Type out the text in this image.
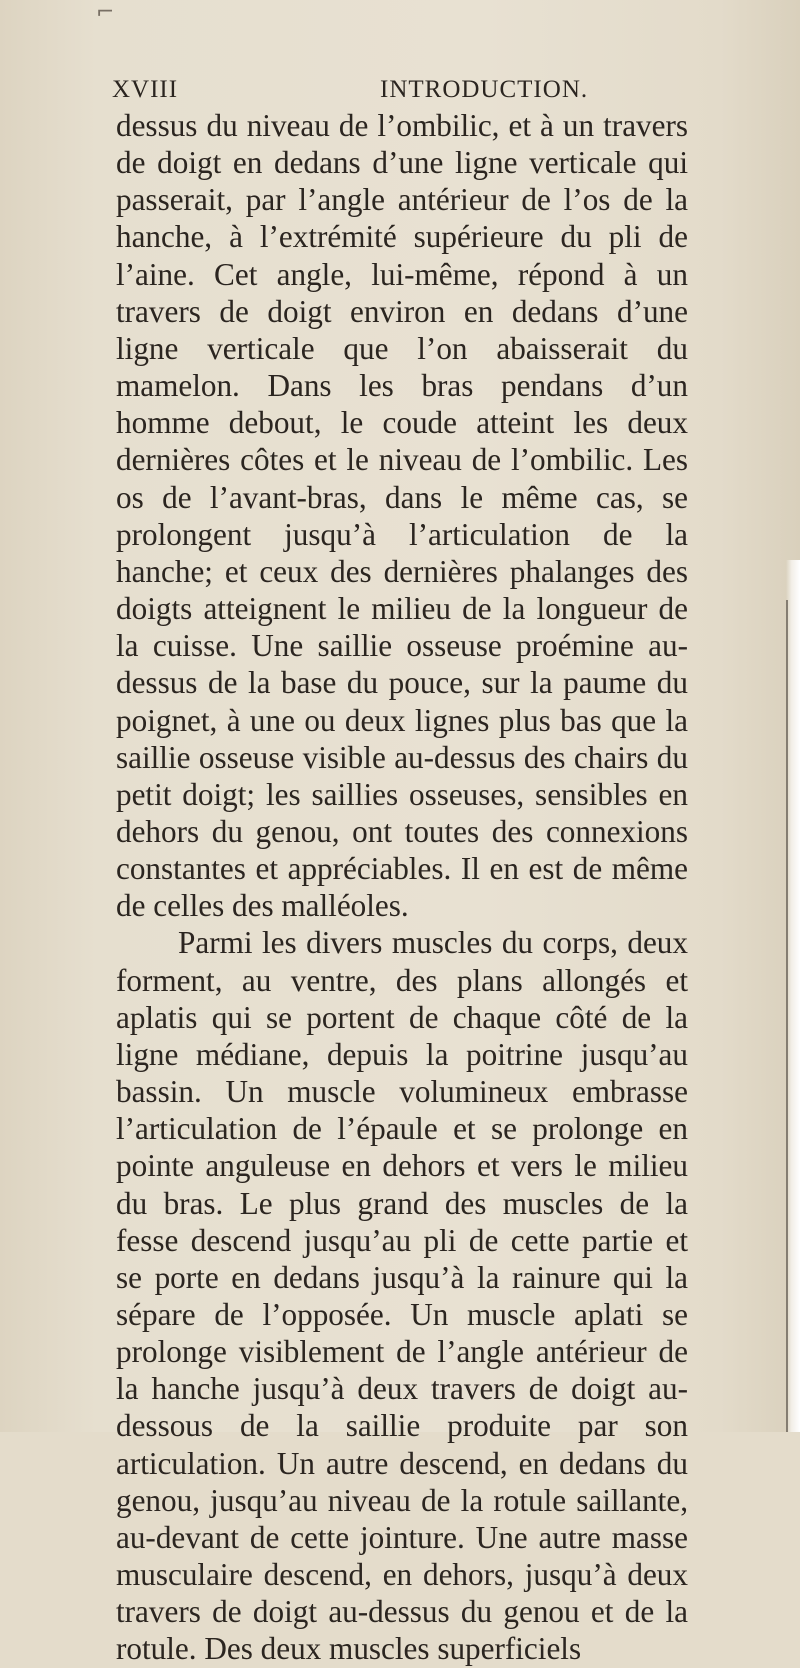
⌐
XVIII	INTRODUCTION.

dessus du niveau de l’ombilic, et à un travers de doigt en dedans d’une ligne verticale qui passerait, par l’angle antérieur de l’os de la hanche, à l’extrémité supérieure du pli de l’aine. Cet angle, lui-même, répond à un travers de doigt environ en dedans d’une ligne verticale que l’on abaisserait du mamelon. Dans les bras pendans d’un homme debout, le coude atteint les deux dernières côtes et le niveau de l’ombilic. Les os de l’avant-bras, dans le même cas, se prolongent jusqu’à l’articulation de la hanche; et ceux des dernières phalanges des doigts atteignent le milieu de la longueur de la cuisse. Une saillie osseuse proémine au-dessus de la base du pouce, sur la paume du poignet, à une ou deux lignes plus bas que la saillie osseuse visible au-dessus des chairs du petit doigt; les saillies osseuses, sensibles en dehors du genou, ont toutes des connexions constantes et appréciables. Il en est de même de celles des malléoles.

Parmi les divers muscles du corps, deux forment, au ventre, des plans allongés et aplatis qui se portent de chaque côté de la ligne médiane, depuis la poitrine jusqu’au bassin. Un muscle volumineux embrasse l’articulation de l’épaule et se prolonge en pointe anguleuse en dehors et vers le milieu du bras. Le plus grand des muscles de la fesse descend jusqu’au pli de cette partie et se porte en dedans jusqu’à la rainure qui la sépare de l’opposée. Un muscle aplati se prolonge visiblement de l’angle antérieur de la hanche jusqu’à deux travers de doigt au-dessous de la saillie produite par son articulation. Un autre descend, en dedans du genou, jusqu’au niveau de la rotule saillante, au-devant de cette jointure. Une autre masse musculaire descend, en dehors, jusqu’à deux travers de doigt au-dessus du genou et de la rotule. Des deux muscles superficiels
